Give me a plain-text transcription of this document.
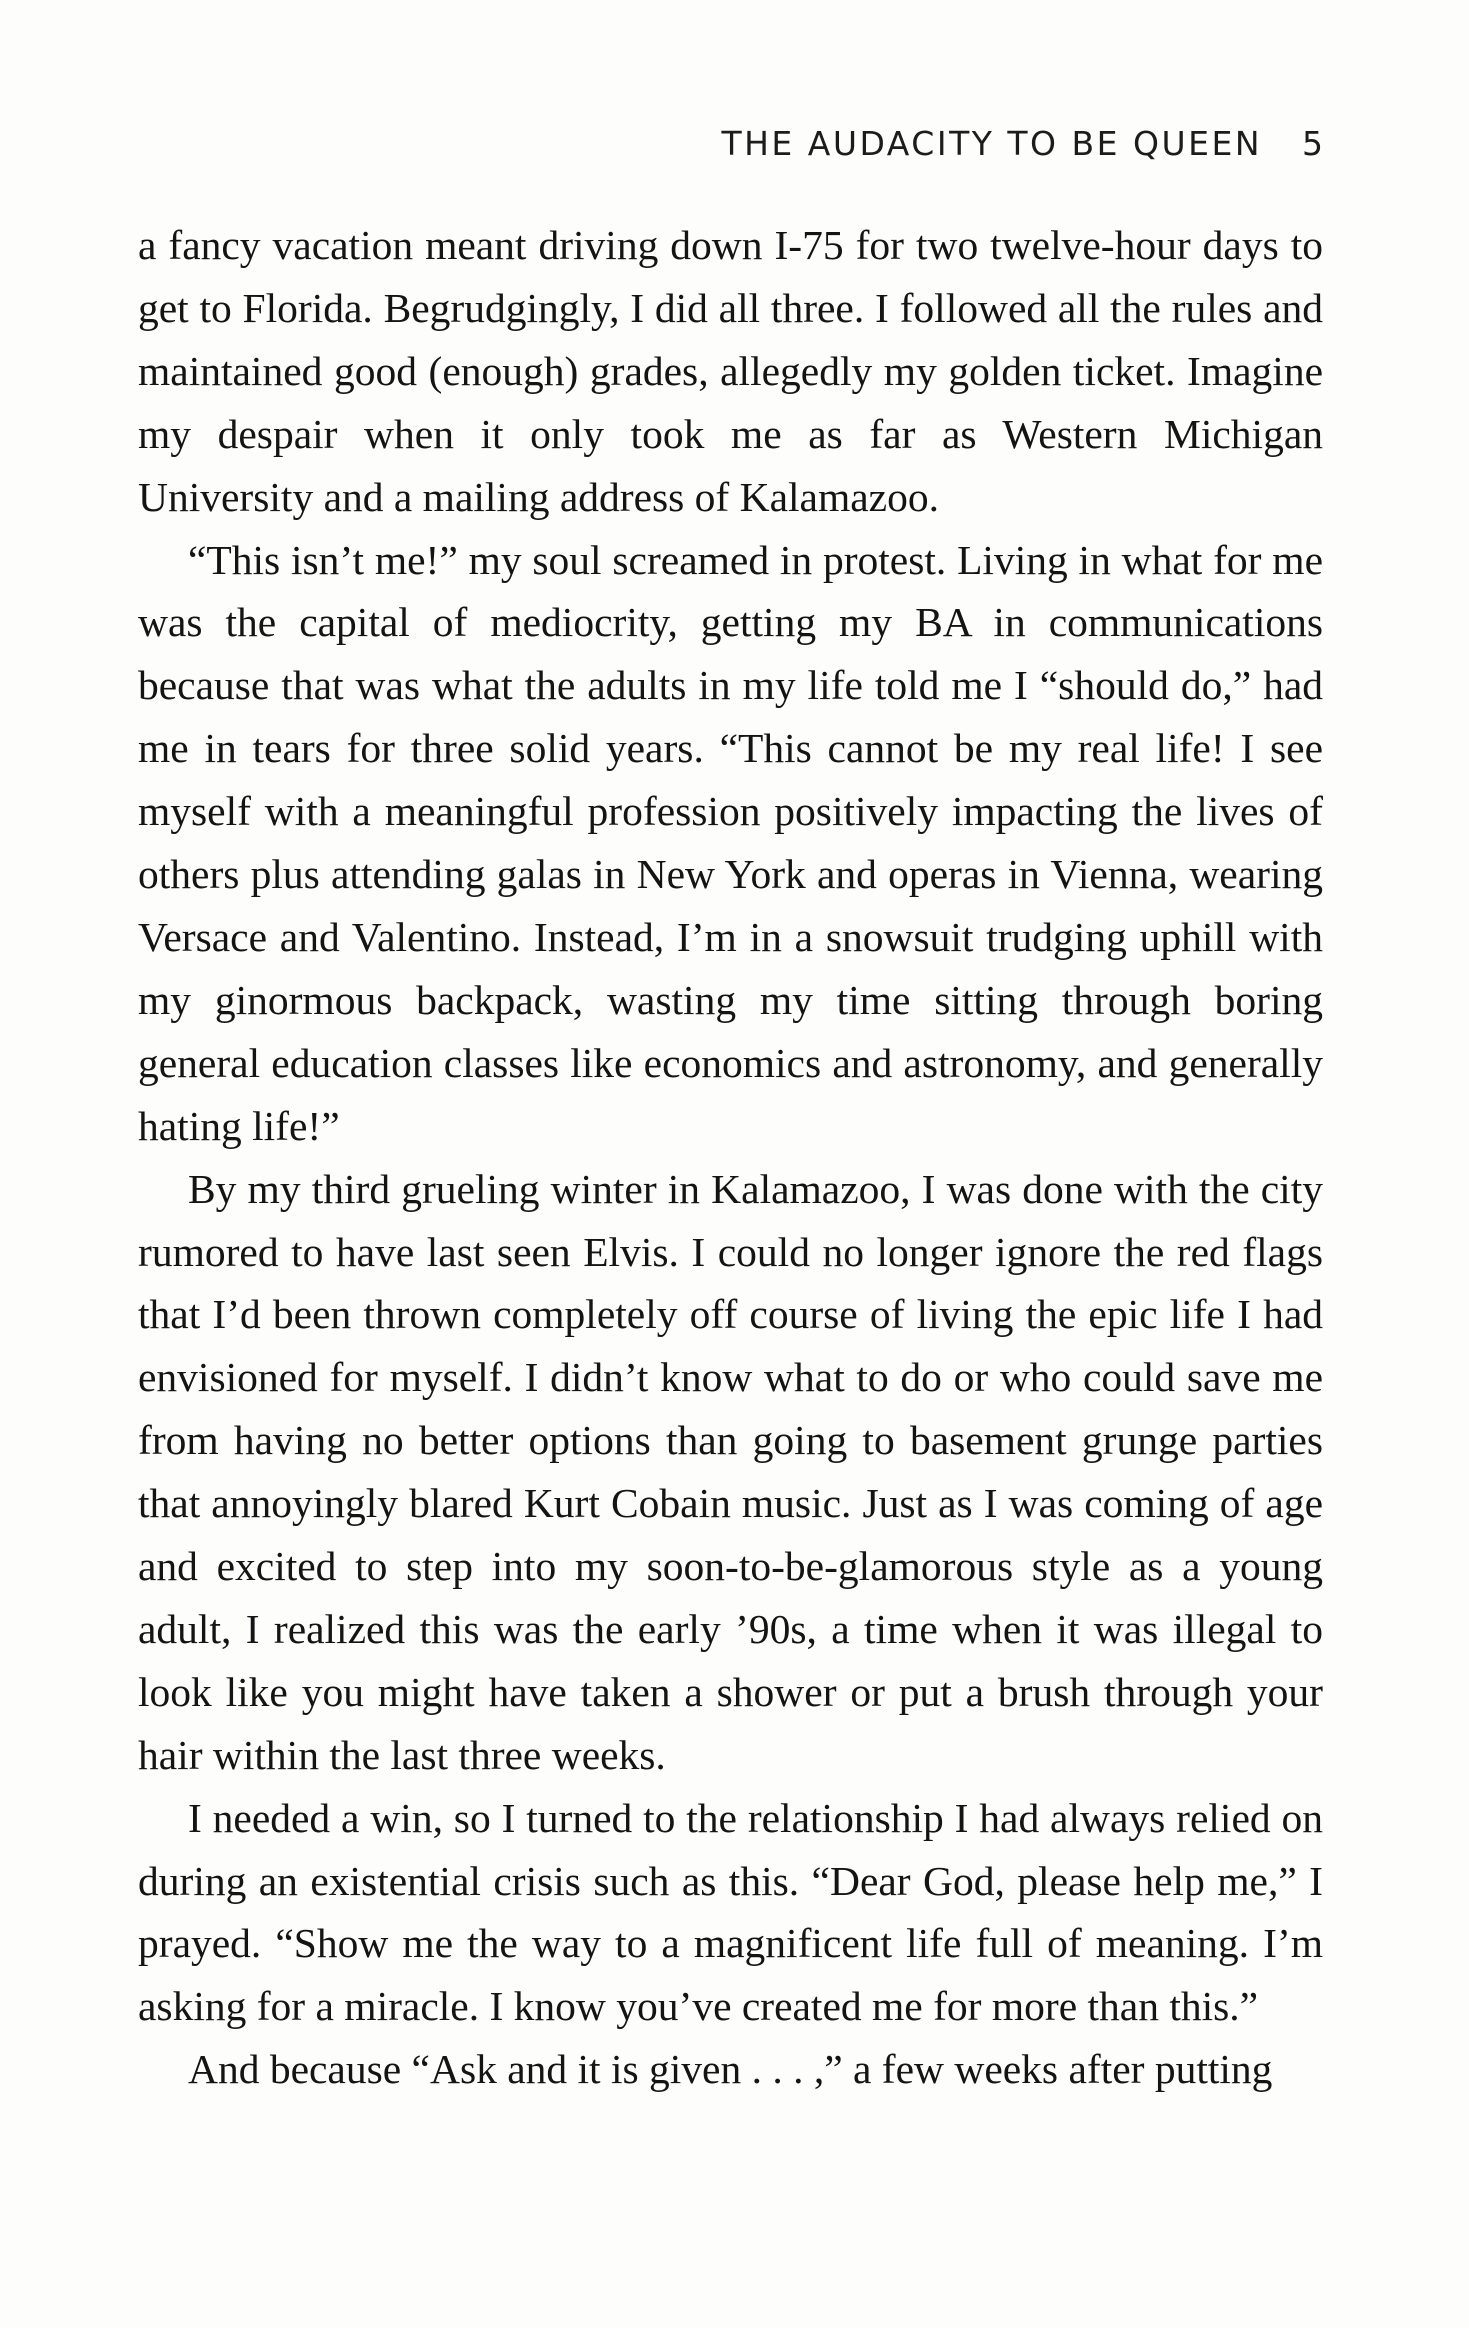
THE AUDACITY TO BE QUEEN 5

a fancy vacation meant driving down I-75 for two twelve-hour days to get to Florida. Begrudgingly, I did all three. I followed all the rules and maintained good (enough) grades, allegedly my golden ticket. Imagine my despair when it only took me as far as Western Michigan University and a mailing address of Kalamazoo.

“This isn’t me!” my soul screamed in protest. Living in what for me was the capital of mediocrity, getting my BA in communications because that was what the adults in my life told me I “should do,” had me in tears for three solid years. “This cannot be my real life! I see myself with a meaningful profession positively impacting the lives of others plus attending galas in New York and operas in Vienna, wearing Versace and Valentino. Instead, I’m in a snowsuit trudging uphill with my ginormous backpack, wasting my time sitting through boring general education classes like economics and astronomy, and generally hating life!”

By my third grueling winter in Kalamazoo, I was done with the city rumored to have last seen Elvis. I could no longer ignore the red flags that I’d been thrown completely off course of living the epic life I had envisioned for myself. I didn’t know what to do or who could save me from having no better options than going to basement grunge parties that annoyingly blared Kurt Cobain music. Just as I was coming of age and excited to step into my soon-to-be-glamorous style as a young adult, I realized this was the early ’90s, a time when it was illegal to look like you might have taken a shower or put a brush through your hair within the last three weeks.

I needed a win, so I turned to the relationship I had always relied on during an existential crisis such as this. “Dear God, please help me,” I prayed. “Show me the way to a magnificent life full of meaning. I’m asking for a miracle. I know you’ve created me for more than this.”

And because “Ask and it is given . . . ,” a few weeks after putting
